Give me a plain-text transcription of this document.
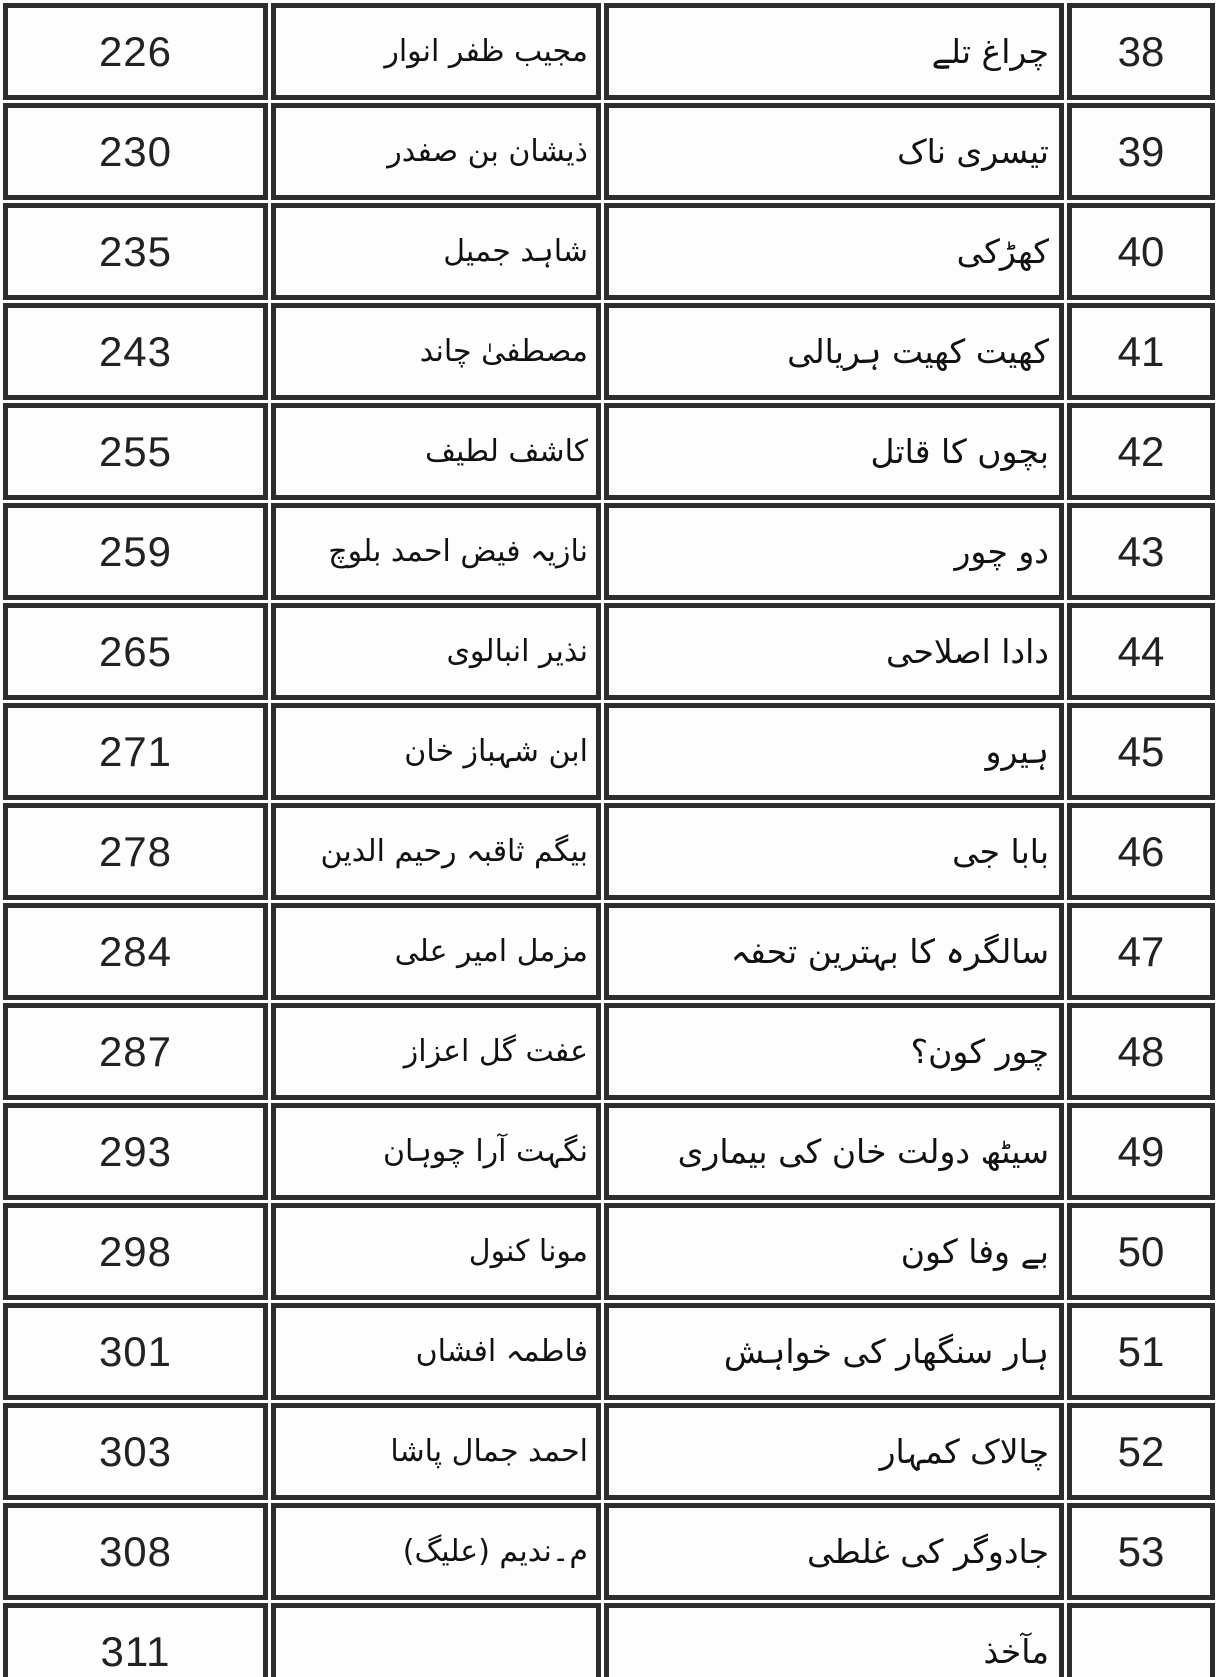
226	مجیب ظفر انوار	چراغ تلے	38
230	ذیشان بن صفدر	تیسری ناک	39
235	شاہد جمیل	کھڑکی	40
243	مصطفیٰ چاند	کھیت کھیت ہریالی	41
255	کاشف لطیف	بچوں کا قاتل	42
259	نازیہ فیض احمد بلوچ	دو چور	43
265	نذیر انبالوی	دادا اصلاحی	44
271	ابن شہباز خان	ہیرو	45
278	بیگم ثاقبہ رحیم الدین	بابا جی	46
284	مزمل امیر علی	سالگرہ کا بہترین تحفہ	47
287	عفت گل اعزاز	چور کون؟	48
293	نگہت آرا چوہان	سیٹھ دولت خان کی بیماری	49
298	مونا کنول	بے وفا کون	50
301	فاطمہ افشاں	ہار سنگھار کی خواہش	51
303	احمد جمال پاشا	چالاک کمہار	52
308	م۔ندیم (علیگ)	جادوگر کی غلطی	53
311		مآخذ	
